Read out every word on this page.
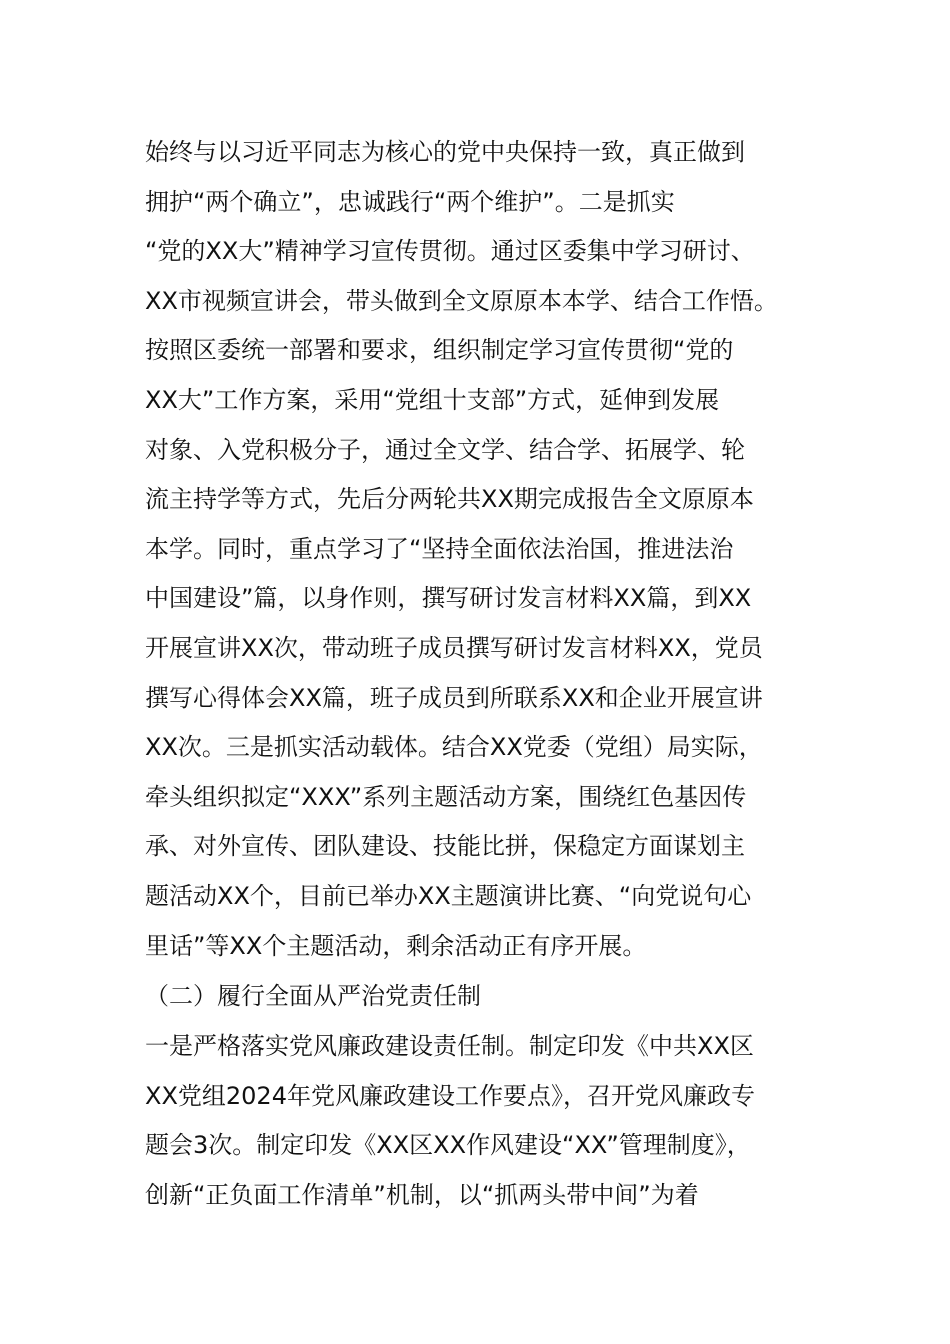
始终与以习近平同志为核心的党中央保持一致，真正做到
拥护“两个确立”，忠诚践行“两个维护”。二是抓实
“党的XX大”精神学习宣传贯彻。通过区委集中学习研讨、
XX市视频宣讲会，带头做到全文原原本本学、结合工作悟。
按照区委统一部署和要求，组织制定学习宣传贯彻“党的
XX大”工作方案，采用“党组十支部”方式，延伸到发展
对象、入党积极分子，通过全文学、结合学、拓展学、轮
流主持学等方式，先后分两轮共XX期完成报告全文原原本
本学。同时，重点学习了“坚持全面依法治国，推进法治
中国建设”篇，以身作则，撰写研讨发言材料XX篇，到XX
开展宣讲XX次，带动班子成员撰写研讨发言材料XX，党员
撰写心得体会XX篇，班子成员到所联系XX和企业开展宣讲
XX次。三是抓实活动载体。结合XX党委（党组）局实际，
牵头组织拟定“XXX”系列主题活动方案，围绕红色基因传
承、对外宣传、团队建设、技能比拼，保稳定方面谋划主
题活动XX个，目前已举办XX主题演讲比赛、“向党说句心
里话”等XX个主题活动，剩余活动正有序开展。
（二）履行全面从严治党责任制
一是严格落实党风廉政建设责任制。制定印发《中共XX区
XX党组2024年党风廉政建设工作要点》，召开党风廉政专
题会3次。制定印发《XX区XX作风建设“XX”管理制度》，
创新“正负面工作清单”机制，以“抓两头带中间”为着
